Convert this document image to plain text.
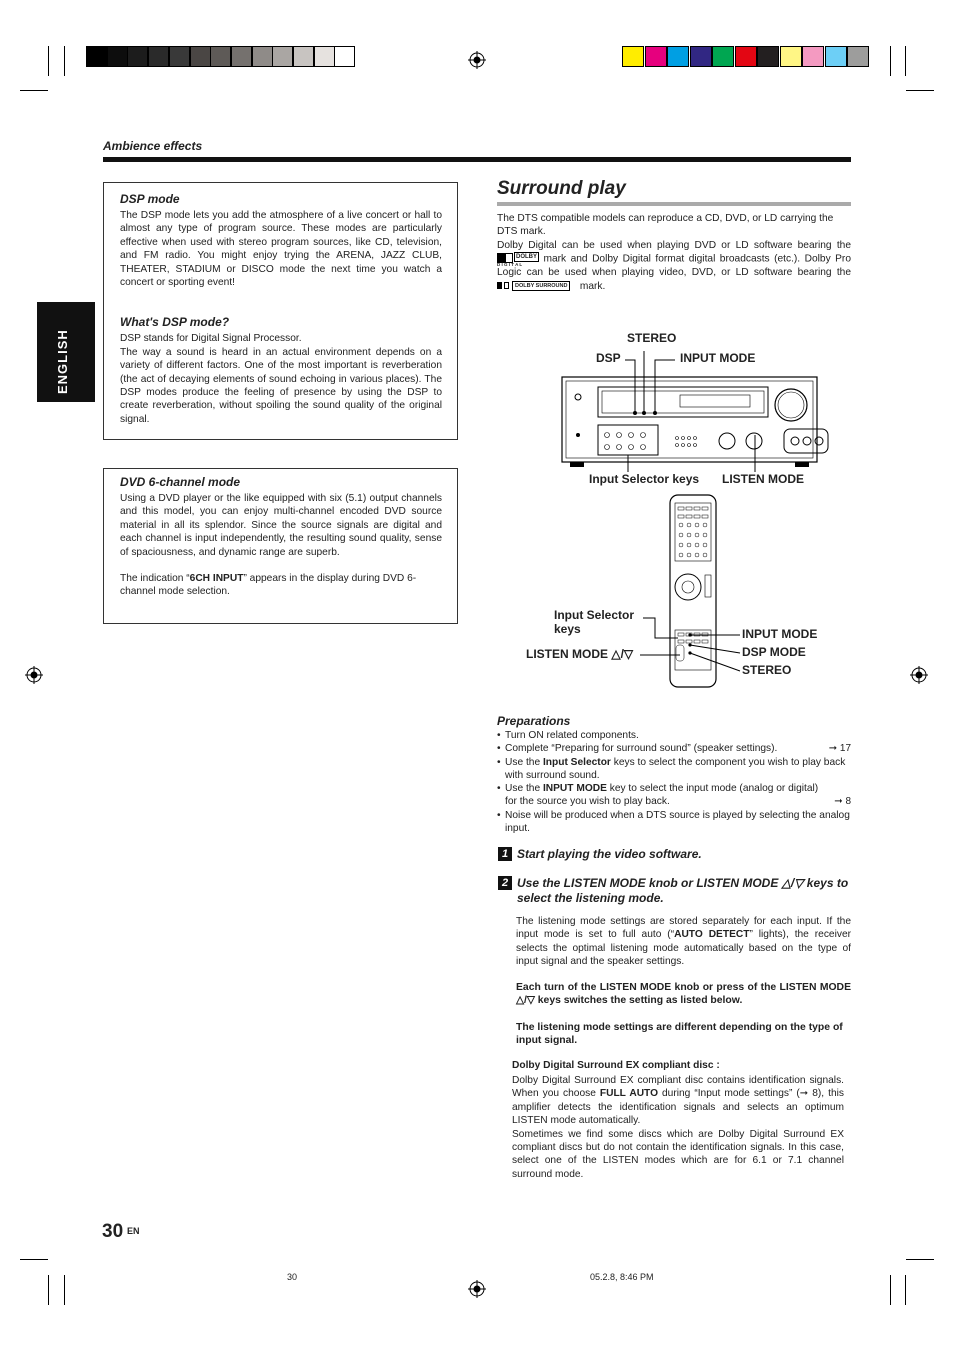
Ambience effects
ENGLISH
DSP mode

The DSP mode lets you add the atmosphere of a live concert or hall to almost any type of program source. These modes are particularly effective when used with stereo program sources, like CD, television, and FM radio. You might enjoy trying the ARENA, JAZZ CLUB, THEATER, STADIUM or DISCO mode the next time you watch a concert or sporting event!

What's DSP mode?

DSP stands for Digital Signal Processor.

The way a sound is heard in an actual environment depends on a variety of different factors. One of the most important is reverberation (the act of decaying elements of sound echoing in various places). The DSP modes produce the feeling of presence by using the DSP to create reverberation, without spoiling the sound quality of the original signal.

DVD 6-channel mode

Using a DVD player or the like equipped with six (5.1) output channels and this model, you can enjoy multi-channel encoded DVD source material in all its splendor. Since the source signals are digital and each channel is input independently, the resulting sound quality, sense of spaciousness, and dynamic range are superb.

The indication “6CH INPUT” appears in the display during DVD 6-channel mode selection.

Surround play
The DTS compatible models can reproduce a CD, DVD, or LD carrying the DTS mark.
Dolby Digital can be used when playing DVD or LD software bearing the
DOLBY
D I G I T A L mark and Dolby Digital format digital broadcasts (etc.). Dolby Pro Logic can be used when playing video, DVD, or LD software bearing the
DOLBY SURROUND mark.
STEREO
DSP	INPUT MODE
Input Selector keys LISTEN MODE
Input Selector keys
LISTEN MODE △/▽
INPUT MODE
DSP MODE
STEREO
Preparations
• Turn ON related components.
• Complete “Preparing for surround sound” (speaker settings).	➞ 17
• Use the Input Selector keys to select the component you wish to play back with surround sound.
• Use the INPUT MODE key to select the input mode (analog or digital) for the source you wish to play back.	➞ 8
• Noise will be produced when a DTS source is played by selecting the analog input.
1 Start playing the video software.
2 Use the LISTEN MODE knob or LISTEN MODE △/▽ keys to select the listening mode.
The listening mode settings are stored separately for each input. If the input mode is set to full auto (“AUTO DETECT” lights), the receiver selects the optimal listening mode automatically based on the type of input signal and the speaker settings.
Each turn of the LISTEN MODE knob or press of the LISTEN MODE △/▽ keys switches the setting as listed below.
The listening mode settings are different depending on the type of input signal.
Dolby Digital Surround EX compliant disc :
Dolby Digital Surround EX compliant disc contains identification signals. When you choose FULL AUTO during “Input mode settings” (➞ 8), this amplifier detects the identification signals and selects an optimum LISTEN mode automatically.
Sometimes we find some discs which are Dolby Digital Surround EX compliant discs but do not contain the identification signals. In this case, select one of the LISTEN modes which are for 6.1 or 7.1 channel surround mode.
30 EN
30	05.2.8, 8:46 PM
